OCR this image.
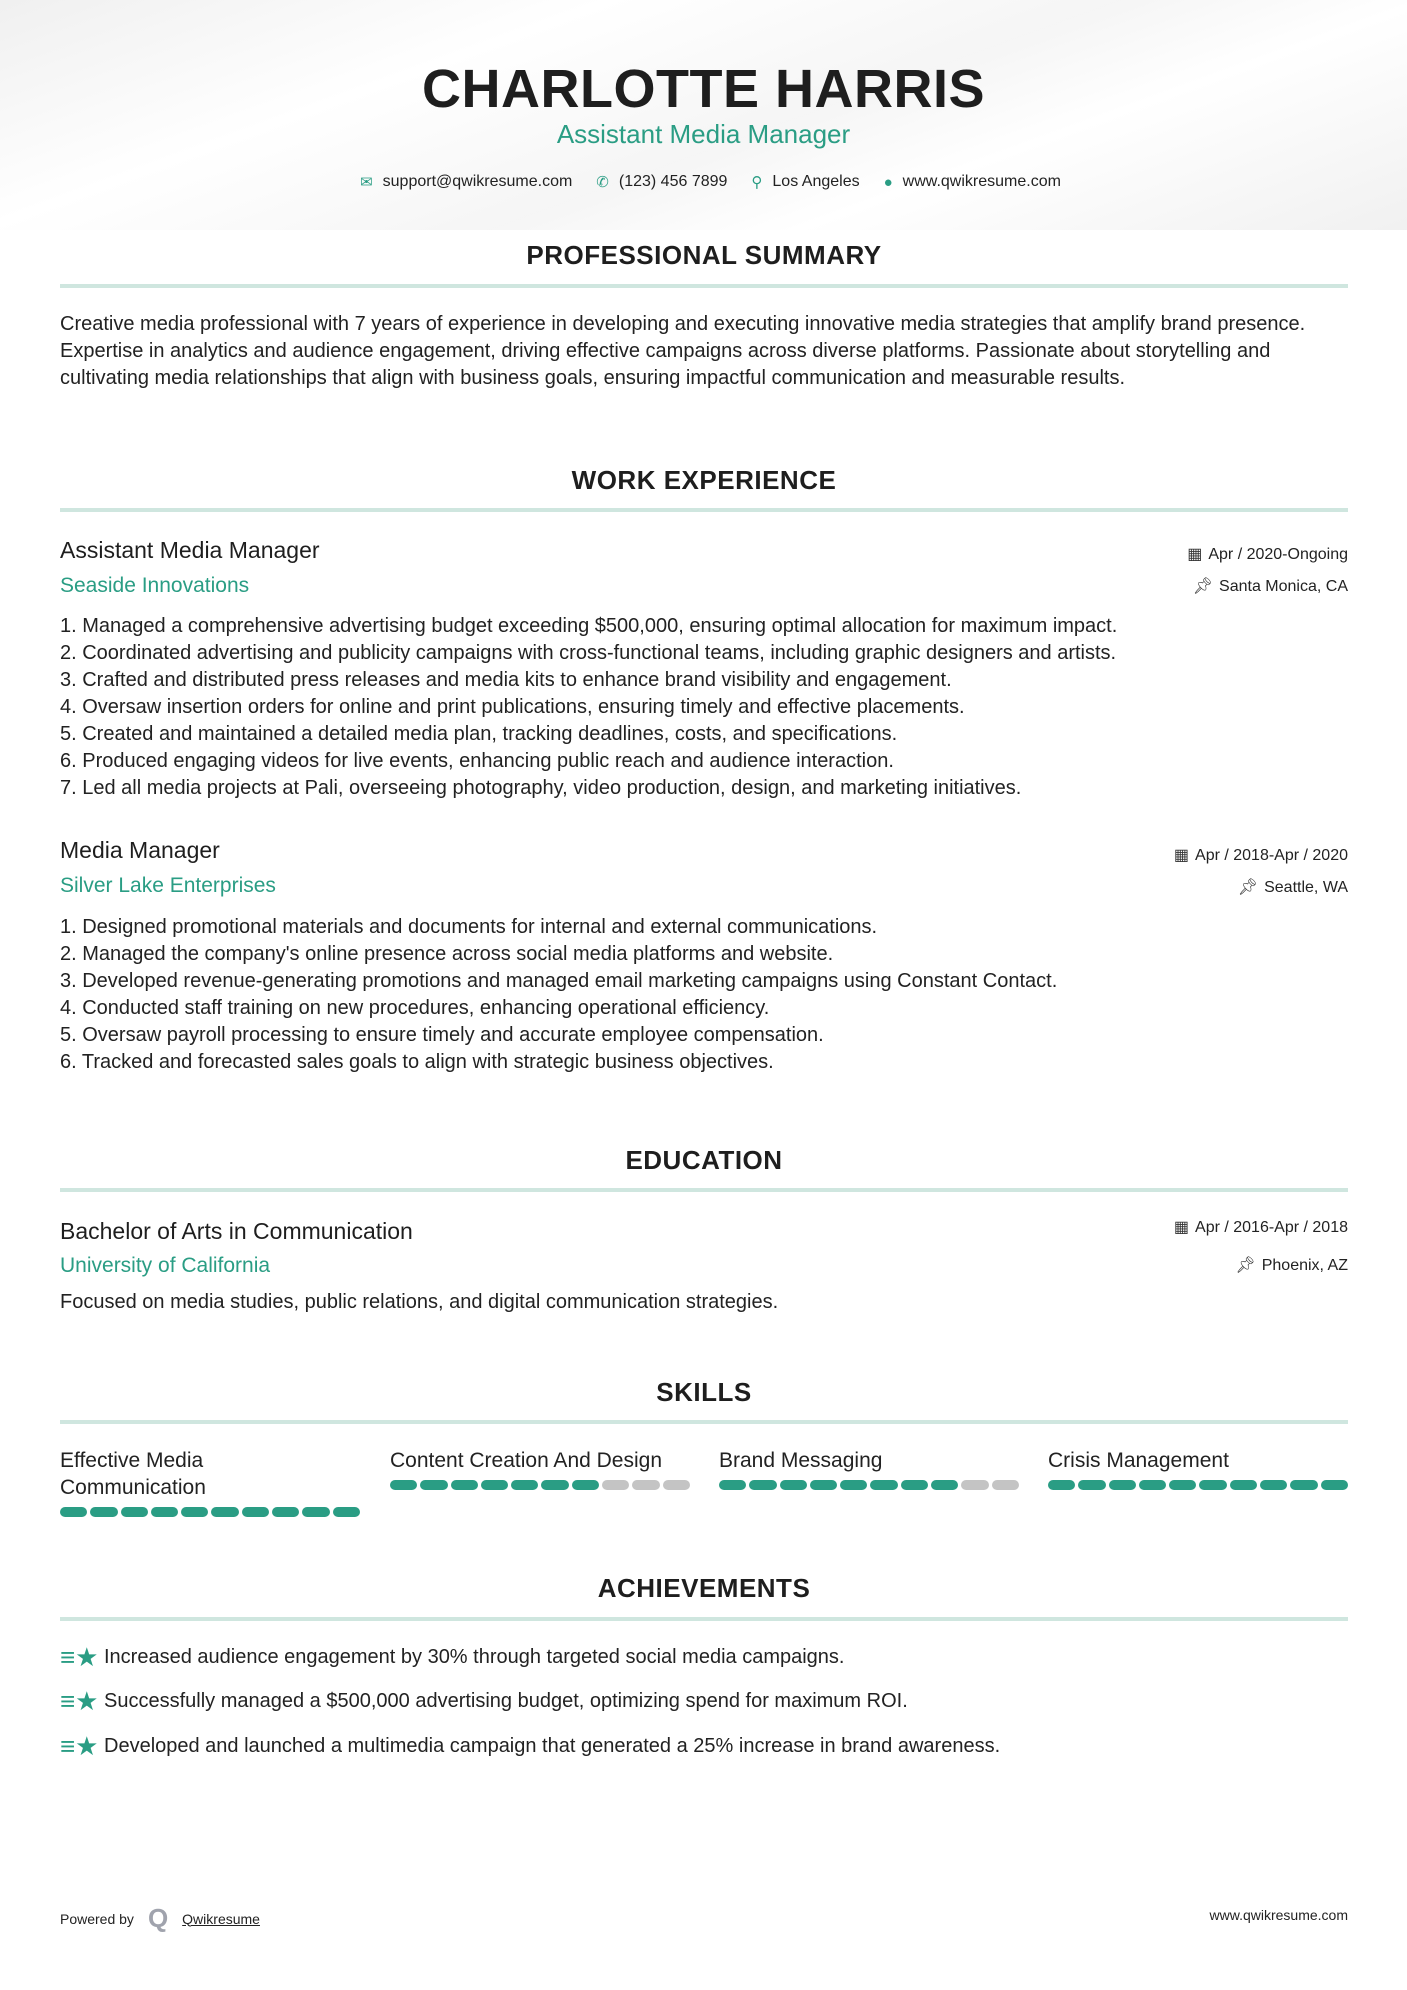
CHARLOTTE HARRIS
Assistant Media Manager
✉ support@qwikresume.com ✆ (123) 456 7899 ⚲ Los Angeles ● www.qwikresume.com
PROFESSIONAL SUMMARY
Creative media professional with 7 years of experience in developing and executing innovative media strategies that amplify brand presence. Expertise in analytics and audience engagement, driving effective campaigns across diverse platforms. Passionate about storytelling and cultivating media relationships that align with business goals, ensuring impactful communication and measurable results.
WORK EXPERIENCE
Assistant Media Manager
Seaside Innovations
▦ Apr / 2020-Ongoing
📌︎ Santa Monica, CA
1. Managed a comprehensive advertising budget exceeding $500,000, ensuring optimal allocation for maximum impact.
2. Coordinated advertising and publicity campaigns with cross-functional teams, including graphic designers and artists.
3. Crafted and distributed press releases and media kits to enhance brand visibility and engagement.
4. Oversaw insertion orders for online and print publications, ensuring timely and effective placements.
5. Created and maintained a detailed media plan, tracking deadlines, costs, and specifications.
6. Produced engaging videos for live events, enhancing public reach and audience interaction.
7. Led all media projects at Pali, overseeing photography, video production, design, and marketing initiatives.
Media Manager
Silver Lake Enterprises
▦ Apr / 2018-Apr / 2020
📌︎ Seattle, WA
1. Designed promotional materials and documents for internal and external communications.
2. Managed the company's online presence across social media platforms and website.
3. Developed revenue-generating promotions and managed email marketing campaigns using Constant Contact.
4. Conducted staff training on new procedures, enhancing operational efficiency.
5. Oversaw payroll processing to ensure timely and accurate employee compensation.
6. Tracked and forecasted sales goals to align with strategic business objectives.
EDUCATION
Bachelor of Arts in Communication
University of California
▦ Apr / 2016-Apr / 2018
📌︎ Phoenix, AZ
Focused on media studies, public relations, and digital communication strategies.
SKILLS
Effective Media Communication
Content Creation And Design	Brand Messaging	Crisis Management
ACHIEVEMENTS
≡★ Increased audience engagement by 30% through targeted social media campaigns.
≡★ Successfully managed a $500,000 advertising budget, optimizing spend for maximum ROI.
≡★ Developed and launched a multimedia campaign that generated a 25% increase in brand awareness.
Powered by Q Qwikresume	www.qwikresume.com
